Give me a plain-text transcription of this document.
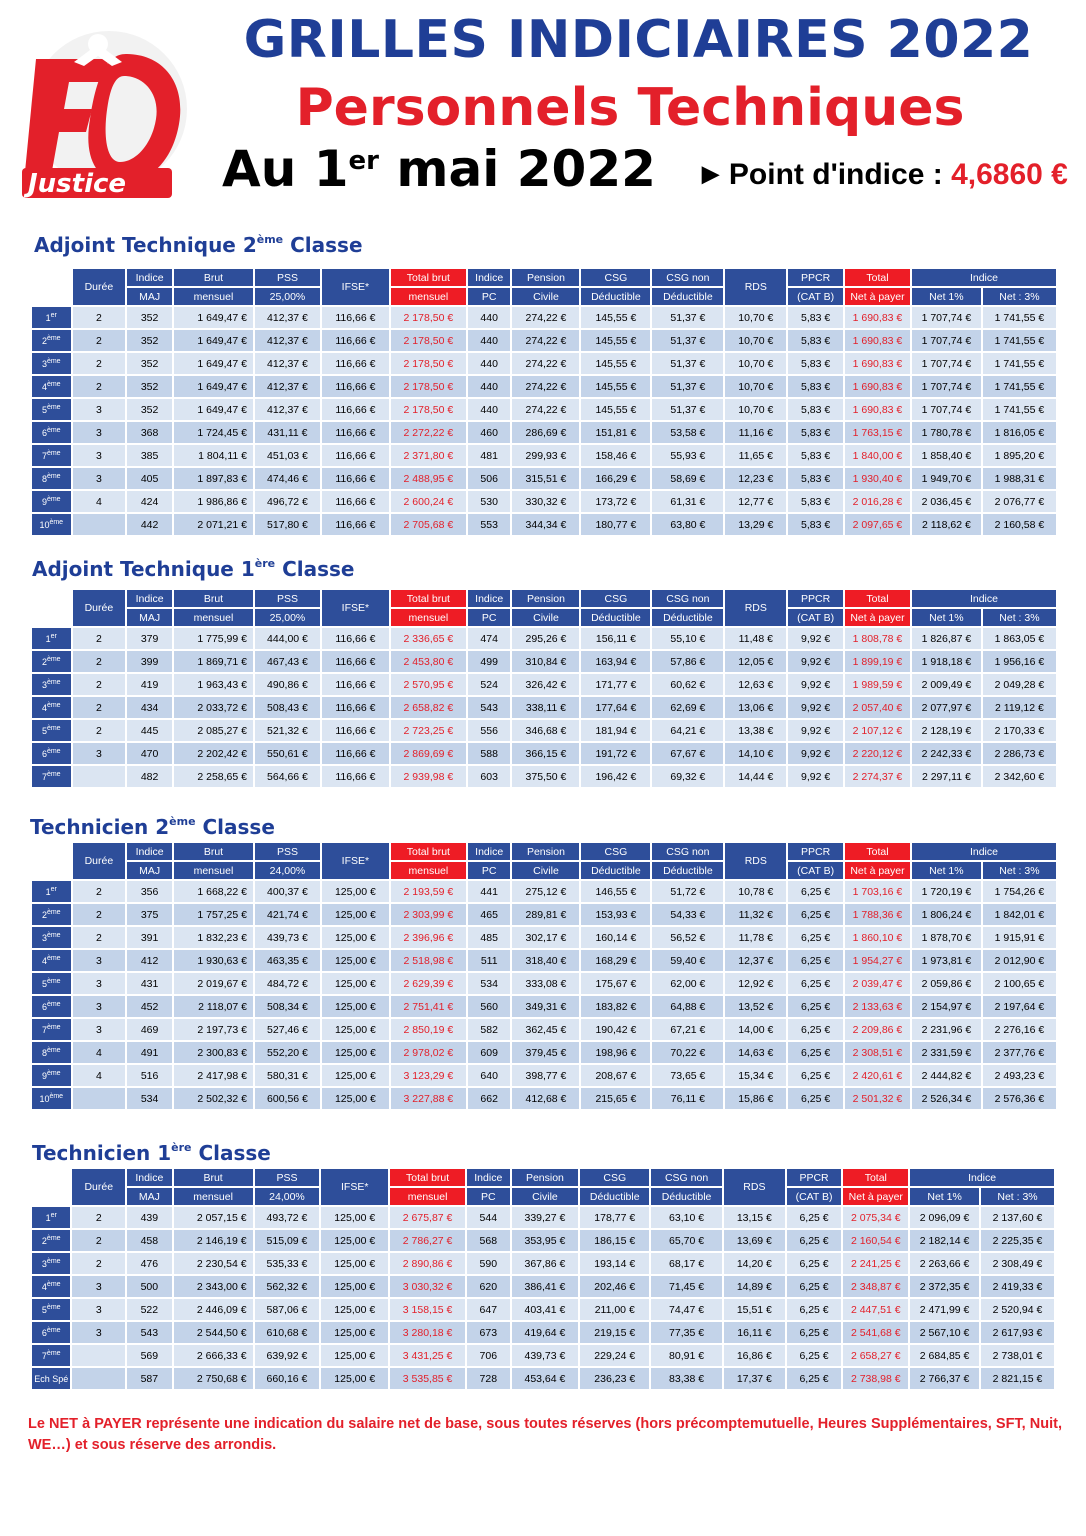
Justice
GRILLES INDICIAIRES 2022
Personnels Techniques
Au 1er mai 2022 ▶ Point d'indice : 4,6860 €
Adjoint Technique 2ème Classe
Adjoint Technique 1ère Classe
Technicien 2ème Classe
Technicien 1ère Classe
	Durée	Indice	Brut	PSS	IFSE*	Total brut	Indice	Pension	CSG	CSG non	RDS	PPCR	Total	Indice	
		MAJ	mensuel	25,00%		mensuel	PC	Civile	Déductible	Déductible		(CAT B)	Net à payer	Net 1%	Net : 3%
1er	2	352	1 649,47 €	412,37 €	116,66 €	2 178,50 €	440	274,22 €	145,55 €	51,37 €	10,70 €	5,83 €	1 690,83 €	1 707,74 €	1 741,55 €
2ème	2	352	1 649,47 €	412,37 €	116,66 €	2 178,50 €	440	274,22 €	145,55 €	51,37 €	10,70 €	5,83 €	1 690,83 €	1 707,74 €	1 741,55 €
3ème	2	352	1 649,47 €	412,37 €	116,66 €	2 178,50 €	440	274,22 €	145,55 €	51,37 €	10,70 €	5,83 €	1 690,83 €	1 707,74 €	1 741,55 €
4ème	2	352	1 649,47 €	412,37 €	116,66 €	2 178,50 €	440	274,22 €	145,55 €	51,37 €	10,70 €	5,83 €	1 690,83 €	1 707,74 €	1 741,55 €
5ème	3	352	1 649,47 €	412,37 €	116,66 €	2 178,50 €	440	274,22 €	145,55 €	51,37 €	10,70 €	5,83 €	1 690,83 €	1 707,74 €	1 741,55 €
6ème	3	368	1 724,45 €	431,11 €	116,66 €	2 272,22 €	460	286,69 €	151,81 €	53,58 €	11,16 €	5,83 €	1 763,15 €	1 780,78 €	1 816,05 €
7ème	3	385	1 804,11 €	451,03 €	116,66 €	2 371,80 €	481	299,93 €	158,46 €	55,93 €	11,65 €	5,83 €	1 840,00 €	1 858,40 €	1 895,20 €
8ème	3	405	1 897,83 €	474,46 €	116,66 €	2 488,95 €	506	315,51 €	166,29 €	58,69 €	12,23 €	5,83 €	1 930,40 €	1 949,70 €	1 988,31 €
9ème	4	424	1 986,86 €	496,72 €	116,66 €	2 600,24 €	530	330,32 €	173,72 €	61,31 €	12,77 €	5,83 €	2 016,28 €	2 036,45 €	2 076,77 €
10ème		442	2 071,21 €	517,80 €	116,66 €	2 705,68 €	553	344,34 €	180,77 €	63,80 €	13,29 €	5,83 €	2 097,65 €	2 118,62 €	2 160,58 €
	Durée	Indice	Brut	PSS	IFSE*	Total brut	Indice	Pension	CSG	CSG non	RDS	PPCR	Total	Indice	
		MAJ	mensuel	25,00%		mensuel	PC	Civile	Déductible	Déductible		(CAT B)	Net à payer	Net 1%	Net : 3%
1er	2	379	1 775,99 €	444,00 €	116,66 €	2 336,65 €	474	295,26 €	156,11 €	55,10 €	11,48 €	9,92 €	1 808,78 €	1 826,87 €	1 863,05 €
2ème	2	399	1 869,71 €	467,43 €	116,66 €	2 453,80 €	499	310,84 €	163,94 €	57,86 €	12,05 €	9,92 €	1 899,19 €	1 918,18 €	1 956,16 €
3ème	2	419	1 963,43 €	490,86 €	116,66 €	2 570,95 €	524	326,42 €	171,77 €	60,62 €	12,63 €	9,92 €	1 989,59 €	2 009,49 €	2 049,28 €
4ème	2	434	2 033,72 €	508,43 €	116,66 €	2 658,82 €	543	338,11 €	177,64 €	62,69 €	13,06 €	9,92 €	2 057,40 €	2 077,97 €	2 119,12 €
5ème	2	445	2 085,27 €	521,32 €	116,66 €	2 723,25 €	556	346,68 €	181,94 €	64,21 €	13,38 €	9,92 €	2 107,12 €	2 128,19 €	2 170,33 €
6ème	3	470	2 202,42 €	550,61 €	116,66 €	2 869,69 €	588	366,15 €	191,72 €	67,67 €	14,10 €	9,92 €	2 220,12 €	2 242,33 €	2 286,73 €
7ème		482	2 258,65 €	564,66 €	116,66 €	2 939,98 €	603	375,50 €	196,42 €	69,32 €	14,44 €	9,92 €	2 274,37 €	2 297,11 €	2 342,60 €
	Durée	Indice	Brut	PSS	IFSE*	Total brut	Indice	Pension	CSG	CSG non	RDS	PPCR	Total	Indice	
		MAJ	mensuel	24,00%		mensuel	PC	Civile	Déductible	Déductible		(CAT B)	Net à payer	Net 1%	Net : 3%
1er	2	356	1 668,22 €	400,37 €	125,00 €	2 193,59 €	441	275,12 €	146,55 €	51,72 €	10,78 €	6,25 €	1 703,16 €	1 720,19 €	1 754,26 €
2ème	2	375	1 757,25 €	421,74 €	125,00 €	2 303,99 €	465	289,81 €	153,93 €	54,33 €	11,32 €	6,25 €	1 788,36 €	1 806,24 €	1 842,01 €
3ème	2	391	1 832,23 €	439,73 €	125,00 €	2 396,96 €	485	302,17 €	160,14 €	56,52 €	11,78 €	6,25 €	1 860,10 €	1 878,70 €	1 915,91 €
4ème	3	412	1 930,63 €	463,35 €	125,00 €	2 518,98 €	511	318,40 €	168,29 €	59,40 €	12,37 €	6,25 €	1 954,27 €	1 973,81 €	2 012,90 €
5ème	3	431	2 019,67 €	484,72 €	125,00 €	2 629,39 €	534	333,08 €	175,67 €	62,00 €	12,92 €	6,25 €	2 039,47 €	2 059,86 €	2 100,65 €
6ème	3	452	2 118,07 €	508,34 €	125,00 €	2 751,41 €	560	349,31 €	183,82 €	64,88 €	13,52 €	6,25 €	2 133,63 €	2 154,97 €	2 197,64 €
7ème	3	469	2 197,73 €	527,46 €	125,00 €	2 850,19 €	582	362,45 €	190,42 €	67,21 €	14,00 €	6,25 €	2 209,86 €	2 231,96 €	2 276,16 €
8ème	4	491	2 300,83 €	552,20 €	125,00 €	2 978,02 €	609	379,45 €	198,96 €	70,22 €	14,63 €	6,25 €	2 308,51 €	2 331,59 €	2 377,76 €
9ème	4	516	2 417,98 €	580,31 €	125,00 €	3 123,29 €	640	398,77 €	208,67 €	73,65 €	15,34 €	6,25 €	2 420,61 €	2 444,82 €	2 493,23 €
10ème		534	2 502,32 €	600,56 €	125,00 €	3 227,88 €	662	412,68 €	215,65 €	76,11 €	15,86 €	6,25 €	2 501,32 €	2 526,34 €	2 576,36 €
	Durée	Indice	Brut	PSS	IFSE*	Total brut	Indice	Pension	CSG	CSG non	RDS	PPCR	Total	Indice	
		MAJ	mensuel	24,00%		mensuel	PC	Civile	Déductible	Déductible		(CAT B)	Net à payer	Net 1%	Net : 3%
1er	2	439	2 057,15 €	493,72 €	125,00 €	2 675,87 €	544	339,27 €	178,77 €	63,10 €	13,15 €	6,25 €	2 075,34 €	2 096,09 €	2 137,60 €
2ème	2	458	2 146,19 €	515,09 €	125,00 €	2 786,27 €	568	353,95 €	186,15 €	65,70 €	13,69 €	6,25 €	2 160,54 €	2 182,14 €	2 225,35 €
3ème	2	476	2 230,54 €	535,33 €	125,00 €	2 890,86 €	590	367,86 €	193,14 €	68,17 €	14,20 €	6,25 €	2 241,25 €	2 263,66 €	2 308,49 €
4ème	3	500	2 343,00 €	562,32 €	125,00 €	3 030,32 €	620	386,41 €	202,46 €	71,45 €	14,89 €	6,25 €	2 348,87 €	2 372,35 €	2 419,33 €
5ème	3	522	2 446,09 €	587,06 €	125,00 €	3 158,15 €	647	403,41 €	211,00 €	74,47 €	15,51 €	6,25 €	2 447,51 €	2 471,99 €	2 520,94 €
6ème	3	543	2 544,50 €	610,68 €	125,00 €	3 280,18 €	673	419,64 €	219,15 €	77,35 €	16,11 €	6,25 €	2 541,68 €	2 567,10 €	2 617,93 €
7ème		569	2 666,33 €	639,92 €	125,00 €	3 431,25 €	706	439,73 €	229,24 €	80,91 €	16,86 €	6,25 €	2 658,27 €	2 684,85 €	2 738,01 €
Ech Spé		587	2 750,68 €	660,16 €	125,00 €	3 535,85 €	728	453,64 €	236,23 €	83,38 €	17,37 €	6,25 €	2 738,98 €	2 766,37 €	2 821,15 €
Le NET à PAYER représente une indication du salaire net de base, sous toutes réserves (hors précomptemutuelle, Heures Supplémentaires, SFT, Nuit, WE…) et sous réserve des arrondis.
